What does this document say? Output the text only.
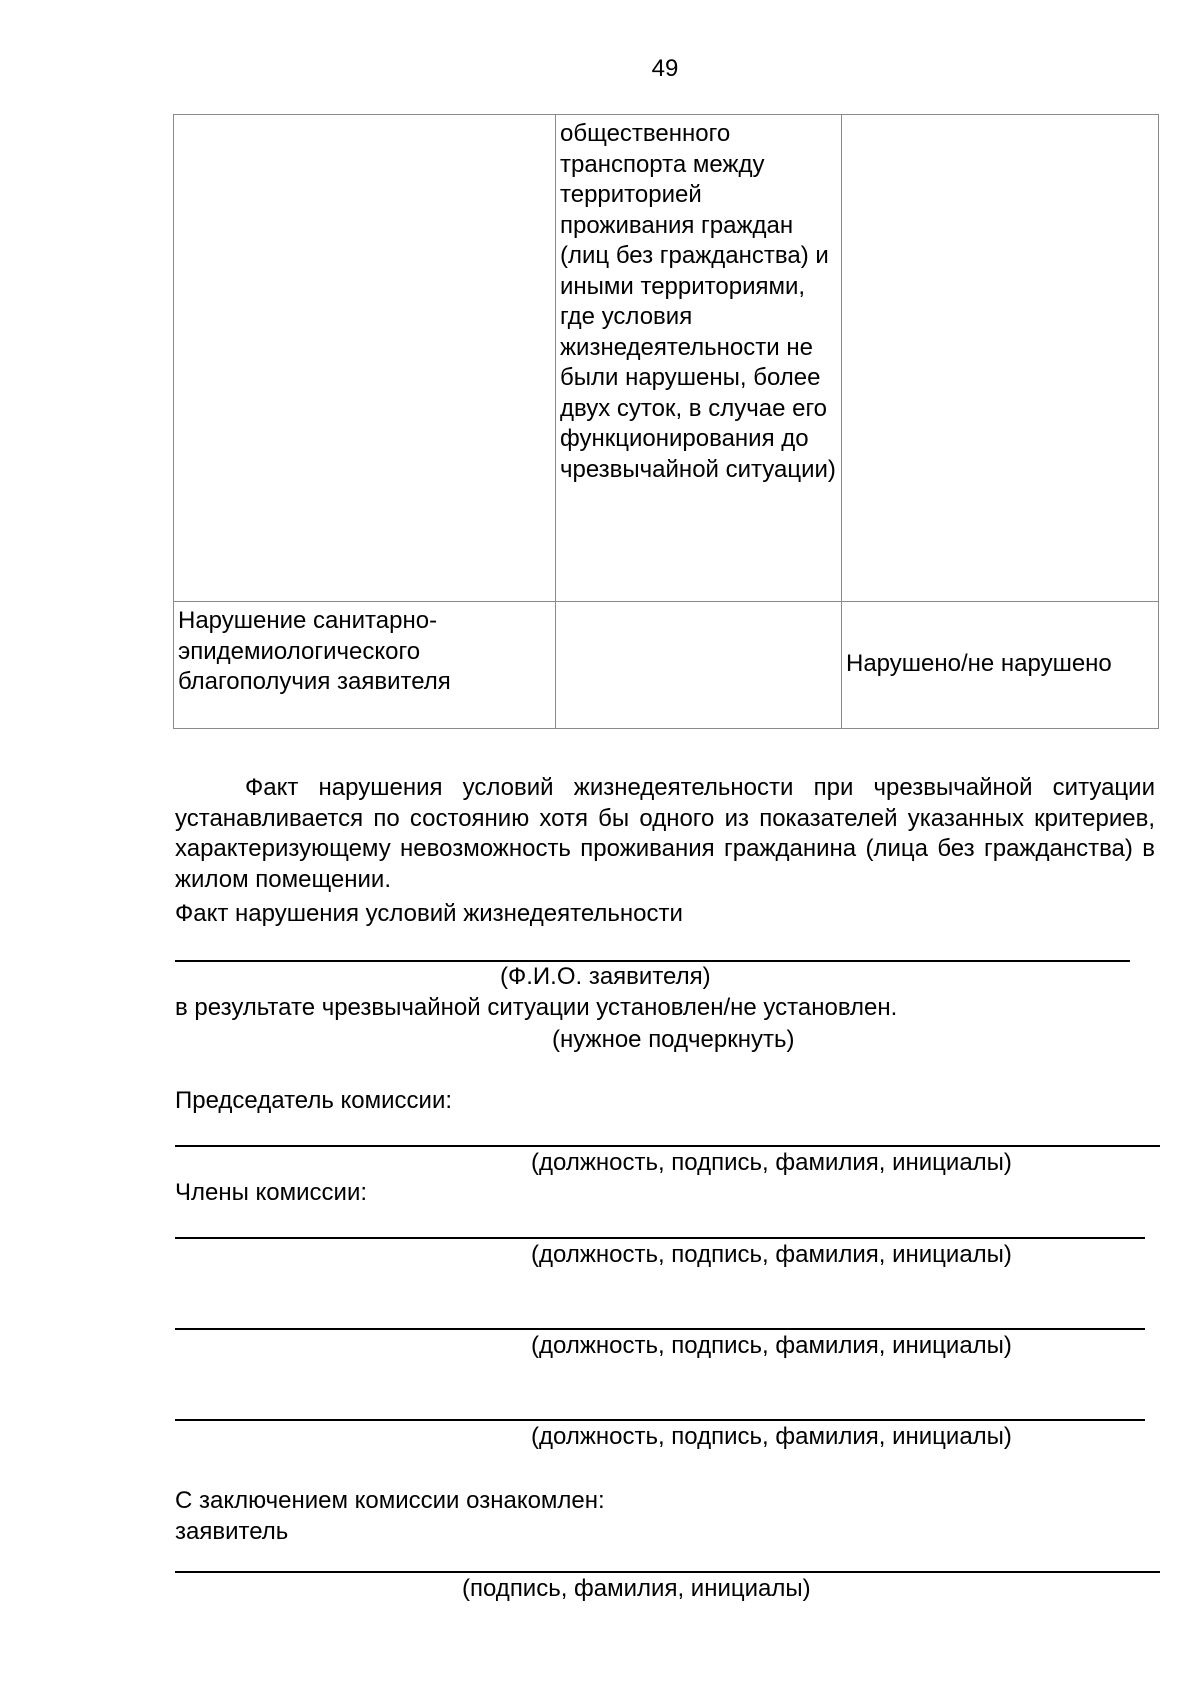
49
	общественного транспорта между территорией проживания граждан (лиц без гражданства) и иными территориями, где условия жизнедеятельности не были нарушены, более двух суток, в случае его функционирования до чрезвычайной ситуации)	
Нарушение санитарно-эпидемиологического благополучия заявителя		Нарушено/не нарушено
Факт нарушения условий жизнедеятельности при чрезвычайной ситуации устанавливается по состоянию хотя бы одного из показателей указанных критериев, характеризующему невозможность проживания гражданина (лица без гражданства) в жилом помещении.
Факт нарушения условий жизнедеятельности
(Ф.И.О. заявителя)
в результате чрезвычайной ситуации установлен/не установлен.
(нужное подчеркнуть)
Председатель комиссии:
(должность, подпись, фамилия, инициалы)
Члены комиссии:
(должность, подпись, фамилия, инициалы)
(должность, подпись, фамилия, инициалы)
(должность, подпись, фамилия, инициалы)
С заключением комиссии ознакомлен:
заявитель
(подпись, фамилия, инициалы)
